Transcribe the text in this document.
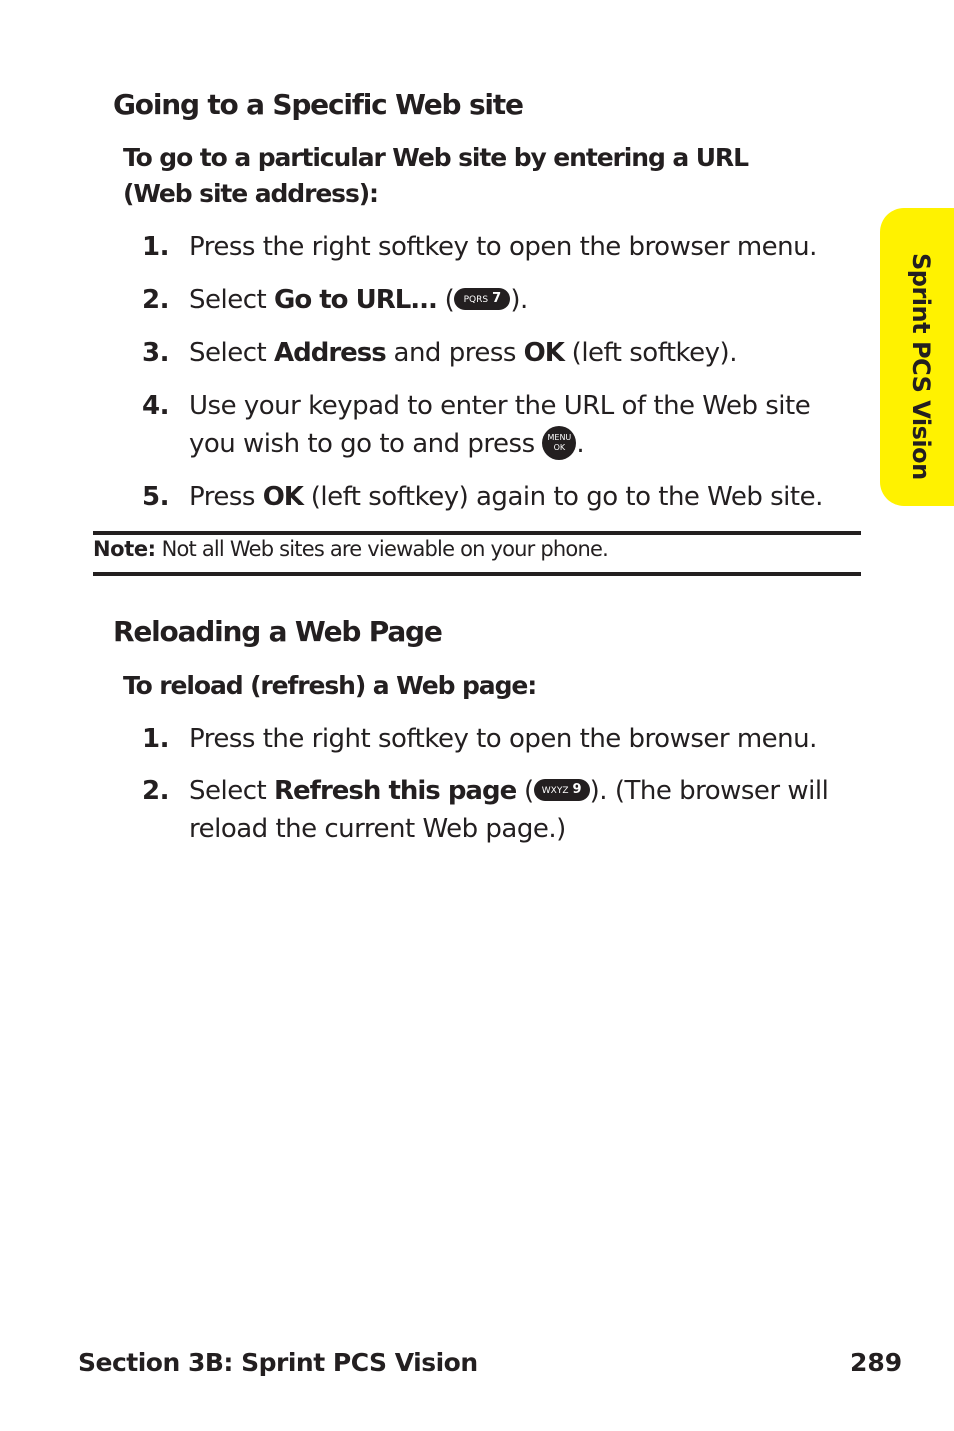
Going to a Specific Web site

To go to a particular Web site by entering a URL (Web site address):

1. Press the right softkey to open the browser menu.
2. Select Go to URL... ( PQRS 7 ).
3. Select Address and press OK (left softkey).
4. Use your keypad to enter the URL of the Web site you wish to go to and press MENU
OK .
5. Press OK (left softkey) again to go to the Web site.
Note: Not all Web sites are viewable on your phone.
Reloading a Web Page

To reload (refresh) a Web page:

1. Press the right softkey to open the browser menu.
2. Select Refresh this page ( WXYZ 9 ). (The browser will reload the current Web page.)
Sprint PCS Vision
Section 3B: Sprint PCS Vision	289
